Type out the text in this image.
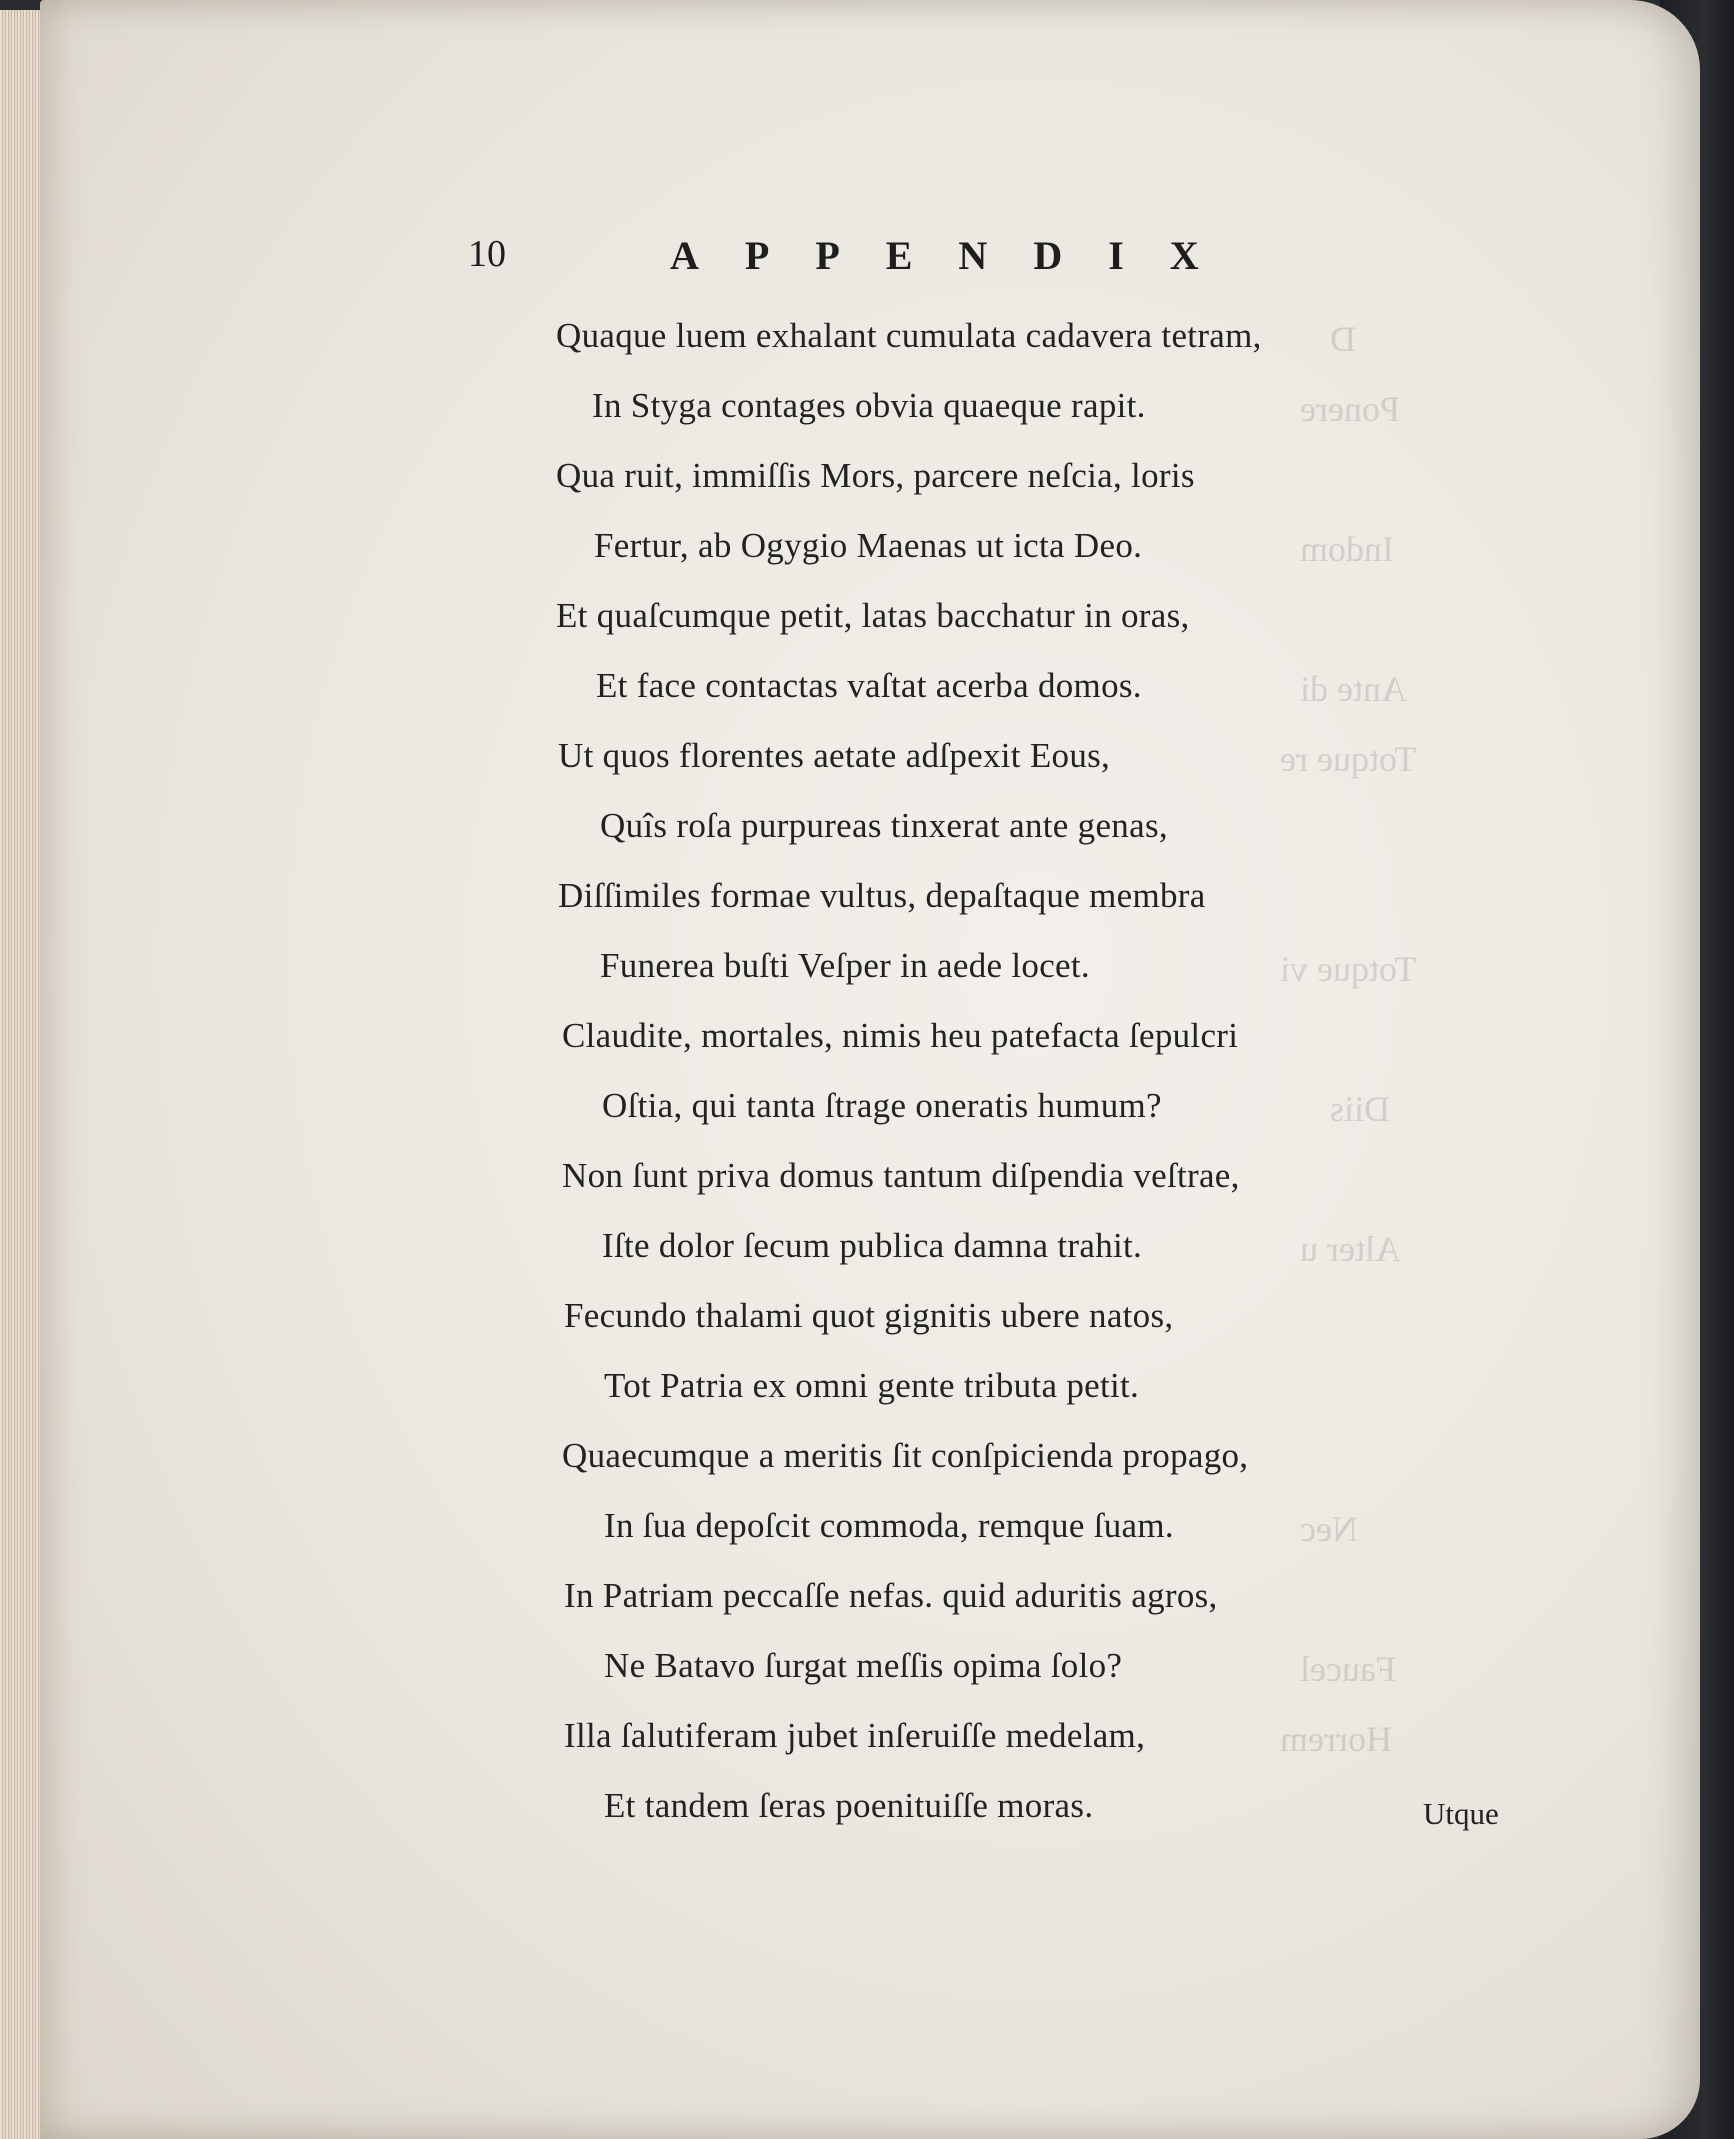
D
Ponere
Indom
Ante di
Totque re
Totque vi
Diis
Alter u
Nec
Faucel
Horrem
10	APPENDIX
Quaque luem exhalant cumulata cadavera tetram,
In Styga contages obvia quaeque rapit.
Qua ruit, immiſſis Mors, parcere neſcia, loris
Fertur, ab Ogygio Maenas ut icta Deo.
Et quaſcumque petit, latas bacchatur in oras,
Et face contactas vaſtat acerba domos.
Ut quos florentes aetate adſpexit Eous,
Quîs roſa purpureas tinxerat ante genas,
Diſſimiles formae vultus, depaſtaque membra
Funerea buſti Veſper in aede locet.
Claudite, mortales, nimis heu patefacta ſepulcri
Oſtia, qui tanta ſtrage oneratis humum?
Non ſunt priva domus tantum diſpendia veſtrae,
Iſte dolor ſecum publica damna trahit.
Fecundo thalami quot gignitis ubere natos,
Tot Patria ex omni gente tributa petit.
Quaecumque a meritis ſit conſpicienda propago,
In ſua depoſcit commoda, remque ſuam.
In Patriam peccaſſe nefas. quid aduritis agros,
Ne Batavo ſurgat meſſis opima ſolo?
Illa ſalutiferam jubet inſeruiſſe medelam,
Et tandem ſeras poenituiſſe moras.	Utque
